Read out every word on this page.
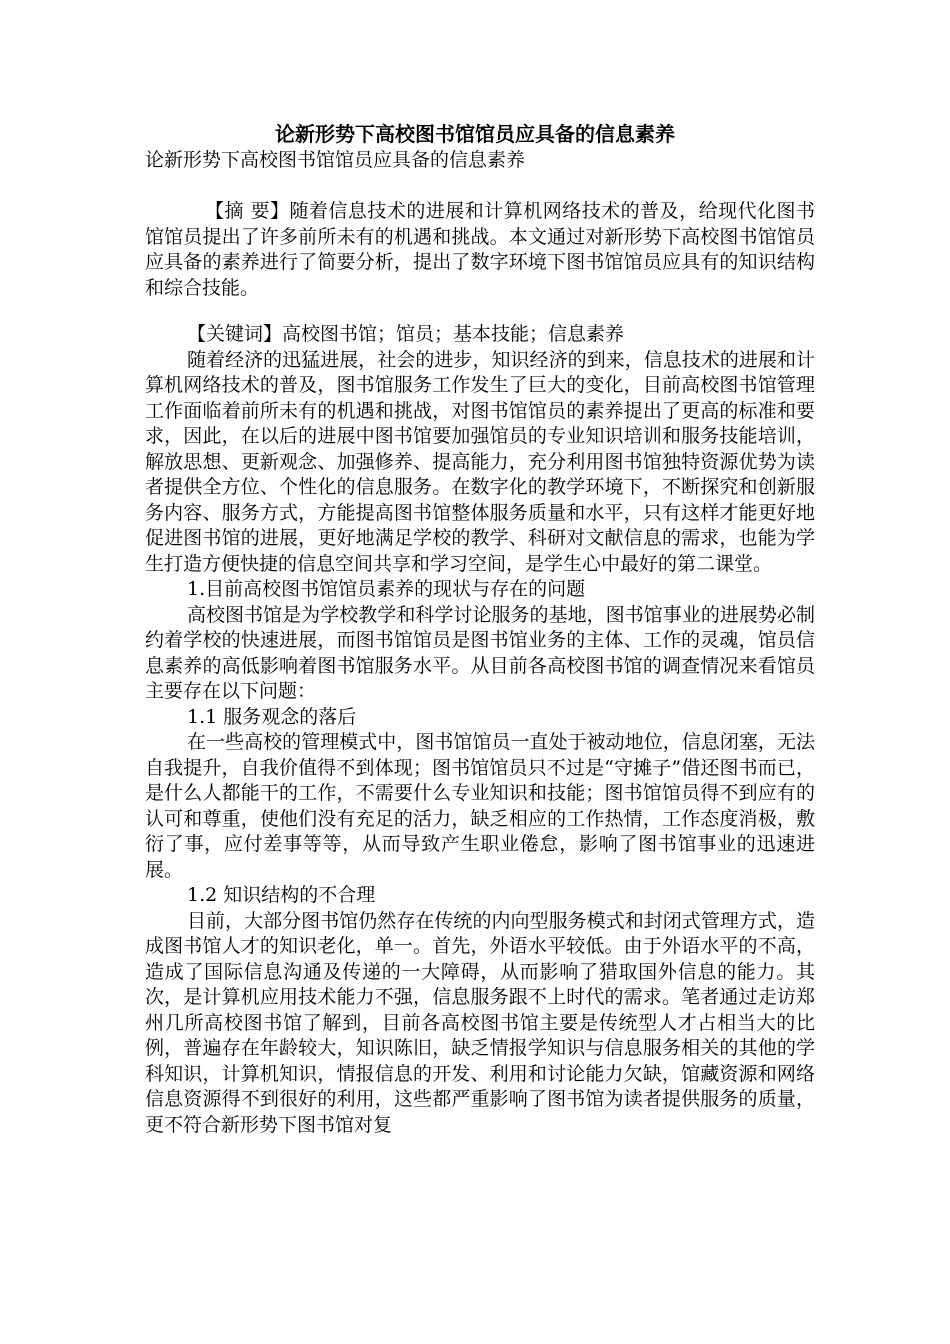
论新形势下高校图书馆馆员应具备的信息素养
论新形势下高校图书馆馆员应具备的信息素养

【摘 要】随着信息技术的进展和计算机网络技术的普及，给现代化图书馆馆员提出了许多前所未有的机遇和挑战。本文通过对新形势下高校图书馆馆员应具备的素养进行了简要分析，提出了数字环境下图书馆馆员应具有的知识结构和综合技能。

【关键词】高校图书馆；馆员；基本技能；信息素养

随着经济的迅猛进展，社会的进步，知识经济的到来，信息技术的进展和计算机网络技术的普及，图书馆服务工作发生了巨大的变化，目前高校图书馆管理工作面临着前所未有的机遇和挑战，对图书馆馆员的素养提出了更高的标准和要求，因此，在以后的进展中图书馆要加强馆员的专业知识培训和服务技能培训，解放思想、更新观念、加强修养、提高能力，充分利用图书馆独特资源优势为读者提供全方位、个性化的信息服务。在数字化的教学环境下，不断探究和创新服务内容、服务方式，方能提高图书馆整体服务质量和水平，只有这样才能更好地促进图书馆的进展，更好地满足学校的教学、科研对文献信息的需求，也能为学生打造方便快捷的信息空间共享和学习空间，是学生心中最好的第二课堂。

1.目前高校图书馆馆员素养的现状与存在的问题

高校图书馆是为学校教学和科学讨论服务的基地，图书馆事业的进展势必制约着学校的快速进展，而图书馆馆员是图书馆业务的主体、工作的灵魂，馆员信息素养的高低影响着图书馆服务水平。从目前各高校图书馆的调查情况来看馆员主要存在以下问题：

1.1 服务观念的落后

在一些高校的管理模式中，图书馆馆员一直处于被动地位，信息闭塞，无法自我提升，自我价值得不到体现；图书馆馆员只不过是“守摊子”借还图书而已，是什么人都能干的工作，不需要什么专业知识和技能；图书馆馆员得不到应有的认可和尊重，使他们没有充足的活力，缺乏相应的工作热情，工作态度消极，敷衍了事，应付差事等等，从而导致产生职业倦怠，影响了图书馆事业的迅速进展。

1.2 知识结构的不合理

目前，大部分图书馆仍然存在传统的内向型服务模式和封闭式管理方式，造成图书馆人才的知识老化，单一。首先，外语水平较低。由于外语水平的不高，造成了国际信息沟通及传递的一大障碍，从而影响了猎取国外信息的能力。其次，是计算机应用技术能力不强，信息服务跟不上时代的需求。笔者通过走访郑州几所高校图书馆了解到，目前各高校图书馆主要是传统型人才占相当大的比例，普遍存在年龄较大，知识陈旧，缺乏情报学知识与信息服务相关的其他的学科知识，计算机知识，情报信息的开发、利用和讨论能力欠缺，馆藏资源和网络信息资源得不到很好的利用，这些都严重影响了图书馆为读者提供服务的质量，更不符合新形势下图书馆对复
